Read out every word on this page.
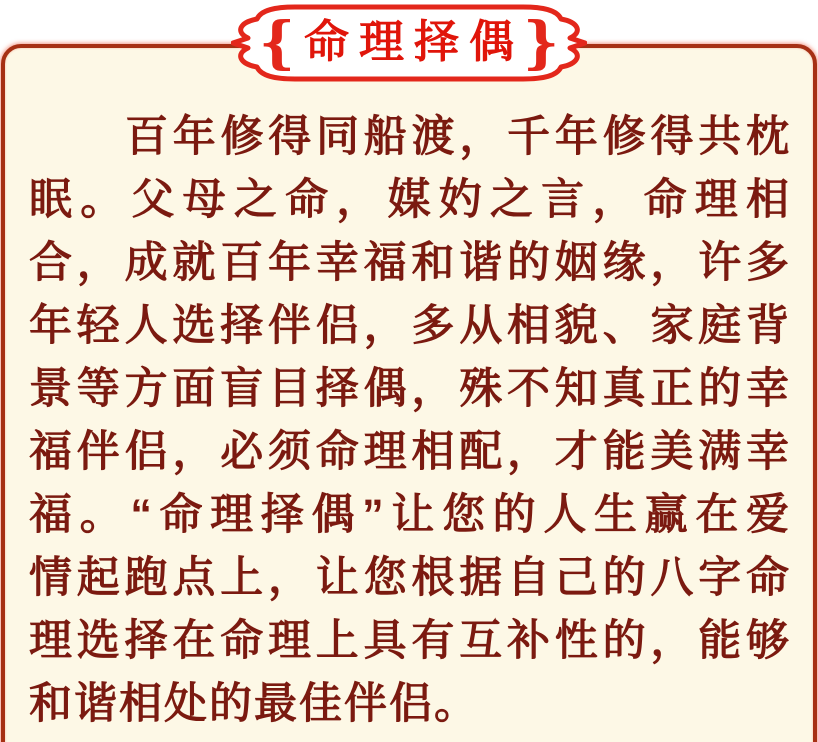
{	}
命理择偶
百年修得同船渡，千年修得共枕
眠。父母之命，媒妁之言，命理相
合，成就百年幸福和谐的姻缘，许多
年轻人选择伴侣，多从相貌、家庭背
景等方面盲目择偶，殊不知真正的幸
福伴侣，必须命理相配，才能美满幸
福。“命理择偶”让您的人生赢在爱
情起跑点上，让您根据自己的八字命
理选择在命理上具有互补性的，能够
和谐相处的最佳伴侣。
